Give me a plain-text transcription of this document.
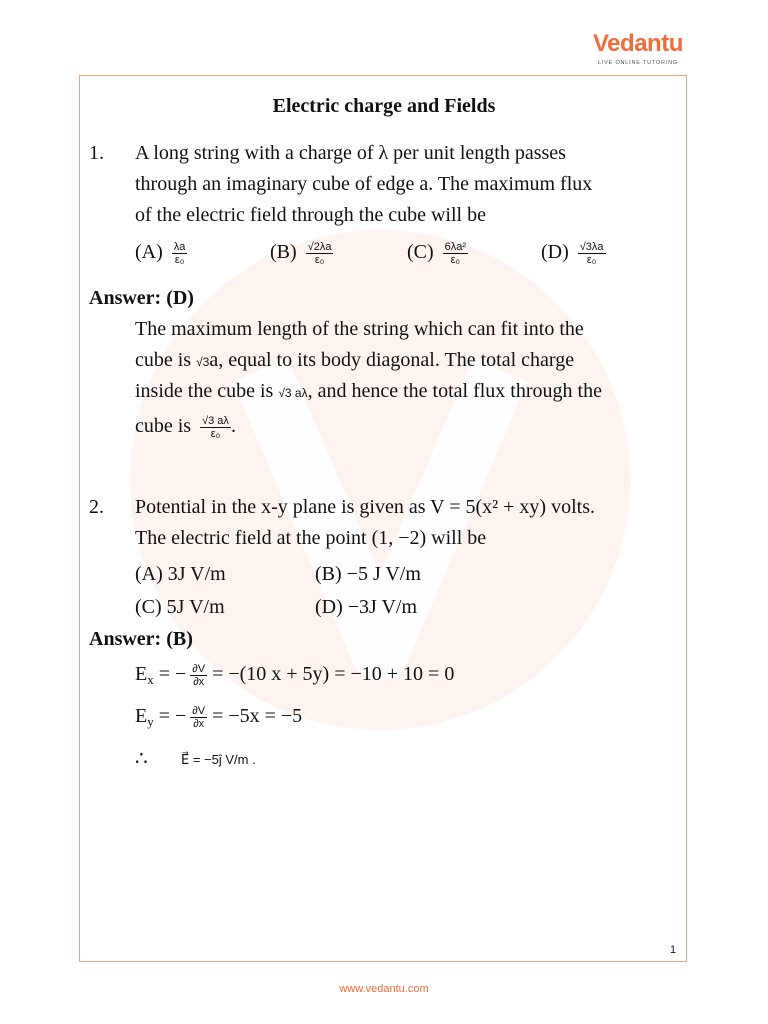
Vedantu
LIVE ONLINE TUTORING
Electric charge and Fields
1. A long string with a charge of λ per unit length passes
through an imaginary cube of edge a. The maximum flux
of the electric field through the cube will be
$(A) \frac{\lambda a}{\text{ε₀}}$	$(B) \frac{√2\lambda a}{\text{ε₀}}$	$(C) \frac{\text{6λa²}}{\text{ε₀}}$	$(D) \frac{√3\lambda a}{\text{ε₀}}$
Answer: (D)
The maximum length of the string which can fit into the
cube is √3a, equal to its body diagonal. The total charge
inside the cube is √3 aλ, and hence the total flux through the
cube is $\frac{√3 a\lambda}{\text{ε₀}}$ .
2. Potential in the x-y plane is given as V = 5(x² + xy) volts.
The electric field at the point (1, −2) will be
(A) 3J V/m	(B) −5 J V/m
(C) 5J V/m	(D) −3J V/m
Answer: (B)
$E_x$ = − $\frac{\partial V}{\partial x} = -(10$ x + 5y) = −10 + 10 = 0
$E_y$ = − $\frac{\partial V}{\partial x} = -5x = -5$
∴	E⃗ = −5ĵ V/m .
1
www.vedantu.com
